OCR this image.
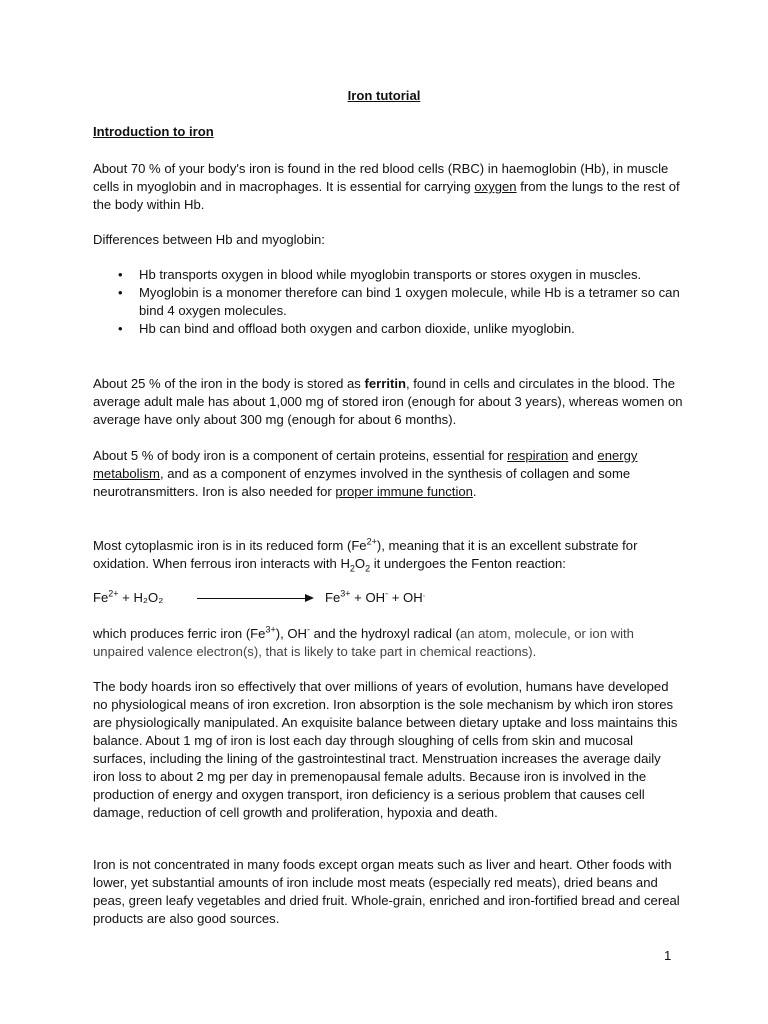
Iron tutorial
Introduction to iron

About 70 % of your body's iron is found in the red blood cells (RBC) in haemoglobin (Hb), in muscle cells in myoglobin and in macrophages. It is essential for carrying oxygen from the lungs to the rest of the body within Hb.

Differences between Hb and myoglobin:

• Hb transports oxygen in blood while myoglobin transports or stores oxygen in muscles.
• Myoglobin is a monomer therefore can bind 1 oxygen molecule, while Hb is a tetramer so can bind 4 oxygen molecules.
• Hb can bind and offload both oxygen and carbon dioxide, unlike myoglobin.

About 25 % of the iron in the body is stored as ferritin, found in cells and circulates in the blood. The average adult male has about 1,000 mg of stored iron (enough for about 3 years), whereas women on average have only about 300 mg (enough for about 6 months).

About 5 % of body iron is a component of certain proteins, essential for respiration and energy metabolism, and as a component of enzymes involved in the synthesis of collagen and some neurotransmitters. Iron is also needed for proper immune function.

Most cytoplasmic iron is in its reduced form $(Fe^{2+})$, meaning that it is an excellent substrate for oxidation. When ferrous iron interacts with $H_2O_2$ it undergoes the Fenton reaction:

$Fe^{2+} + H_2O_2$	$Fe^{3+} + OH^- + OH^.$

which produces ferric iron $(Fe^{3+})$, OH- and the hydroxyl radical (an atom, molecule, or ion with unpaired valence electron(s), that is likely to take part in chemical reactions).

The body hoards iron so effectively that over millions of years of evolution, humans have developed no physiological means of iron excretion. Iron absorption is the sole mechanism by which iron stores are physiologically manipulated. An exquisite balance between dietary uptake and loss maintains this balance. About 1 mg of iron is lost each day through sloughing of cells from skin and mucosal surfaces, including the lining of the gastrointestinal tract. Menstruation increases the average daily iron loss to about 2 mg per day in premenopausal female adults. Because iron is involved in the production of energy and oxygen transport, iron deficiency is a serious problem that causes cell damage, reduction of cell growth and proliferation, hypoxia and death.

Iron is not concentrated in many foods except organ meats such as liver and heart. Other foods with lower, yet substantial amounts of iron include most meats (especially red meats), dried beans and peas, green leafy vegetables and dried fruit. Whole-grain, enriched and iron-fortified bread and cereal products are also good sources.

1
